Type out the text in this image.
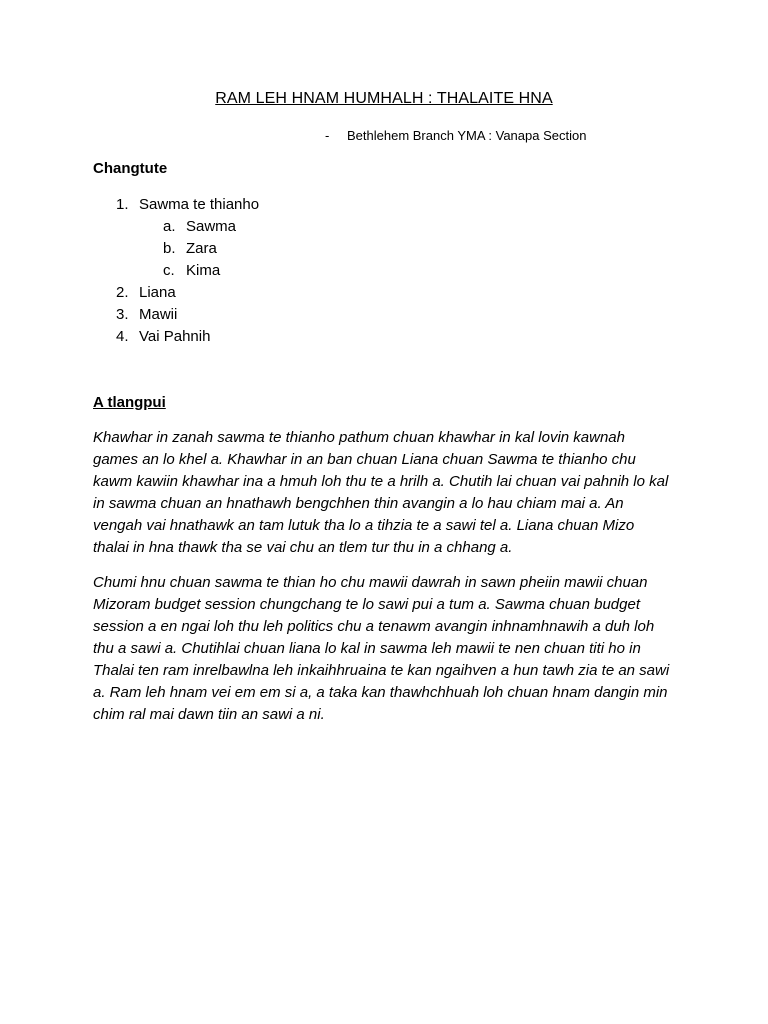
RAM LEH HNAM HUMHALH : THALAITE HNA
- Bethlehem Branch YMA : Vanapa Section
Changtute
1. Sawma te thianho
a. Sawma
b. Zara
c. Kima
2. Liana
3. Mawii
4. Vai Pahnih
A tlangpui
Khawhar in zanah sawma te thianho pathum chuan khawhar in kal lovin kawnah games an lo khel a. Khawhar in an ban chuan Liana chuan Sawma te thianho chu kawm kawiin khawhar ina a hmuh loh thu te a hrilh a. Chutih lai chuan vai pahnih lo kal in sawma chuan an hnathawh bengchhen thin avangin a lo hau chiam mai a. An vengah vai hnathawk an tam lutuk tha lo a tihzia te a sawi tel a. Liana chuan Mizo thalai in hna thawk tha se vai chu an tlem tur thu in a chhang a.
Chumi hnu chuan sawma te thian ho chu mawii dawrah in sawn pheiin mawii chuan Mizoram budget session chungchang te lo sawi pui a tum a. Sawma chuan budget session a en ngai loh thu leh politics chu a tenawm avangin inhnamhnawih a duh loh thu a sawi a. Chutihlai chuan liana lo kal in sawma leh mawii te nen chuan titi ho in Thalai ten ram inrelbawlna leh inkaihhruaina te kan ngaihven a hun tawh zia te an sawi a. Ram leh hnam vei em em si a, a taka kan thawhchhuah loh chuan hnam dangin min chim ral mai dawn tiin an sawi a ni.
